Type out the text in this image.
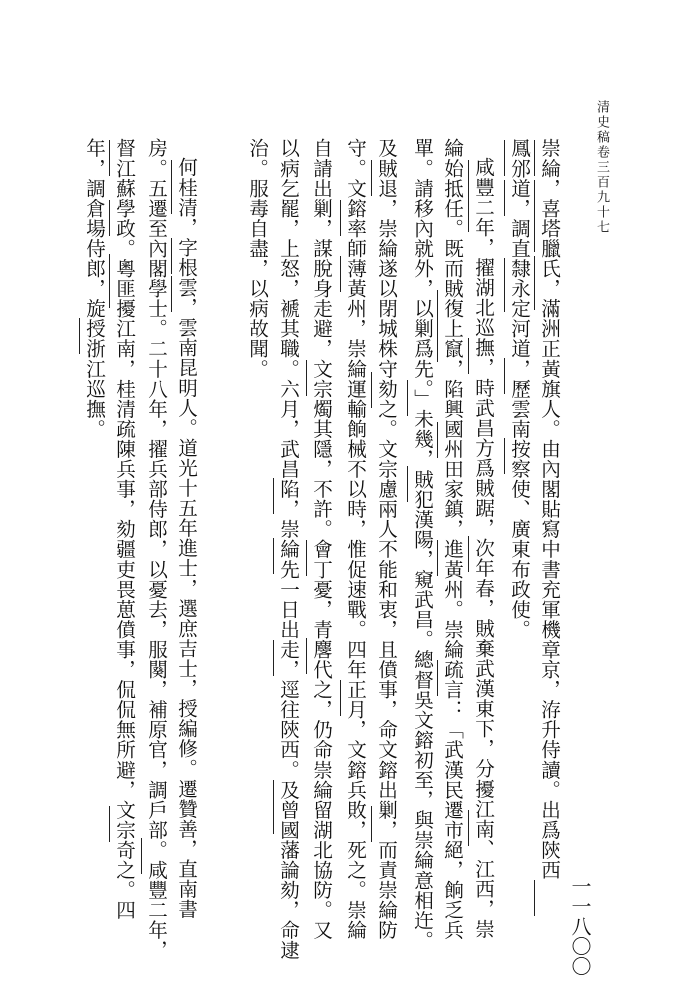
清史稿卷三百九十七
一一八〇〇
崇綸，喜塔臘氏，滿洲正黃旗人。由內閣貼寫中書充軍機章京，洊升侍讀。出爲陝西
鳳邠道，調直隸永定河道，歷雲南按察使、廣東布政使。
咸豐二年，擢湖北巡撫，時武昌方爲賊踞，次年春，賊棄武漢東下，分擾江南、江西，崇
綸始抵任。既而賊復上竄，陷興國州田家鎮，進黃州。崇綸疏言：「武漢民遷市絕，餉乏兵
單。請移內就外，以剿爲先。」未幾，賊犯漢陽，窺武昌。總督吳文鎔初至，與崇綸意相迕。
及賊退，崇綸遂以閉城株守劾之。文宗慮兩人不能和衷，且僨事，命文鎔出剿，而責崇綸防
守。文鎔率師薄黃州，崇綸運輸餉械不以時，惟促速戰。四年正月，文鎔兵敗，死之。崇綸
自請出剿，謀脫身走避，文宗燭其隱，不許。會丁憂，青麐代之，仍命崇綸留湖北協防。又
以病乞罷，上怒，褫其職。六月，武昌陷，崇綸先一日出走，逕往陝西。及曾國藩論劾，命逮
治。服毒自盡，以病故聞。
何桂清，字根雲，雲南昆明人。道光十五年進士，選庶吉士，授編修。遷贊善，直南書
房。五遷至內閣學士。二十八年，擢兵部侍郎，以憂去，服闋，補原官，調戶部。咸豐二年，
督江蘇學政。粵匪擾江南，桂清疏陳兵事，劾疆吏畏葸僨事，侃侃無所避，文宗奇之。四
年，調倉場侍郎，旋授浙江巡撫。
